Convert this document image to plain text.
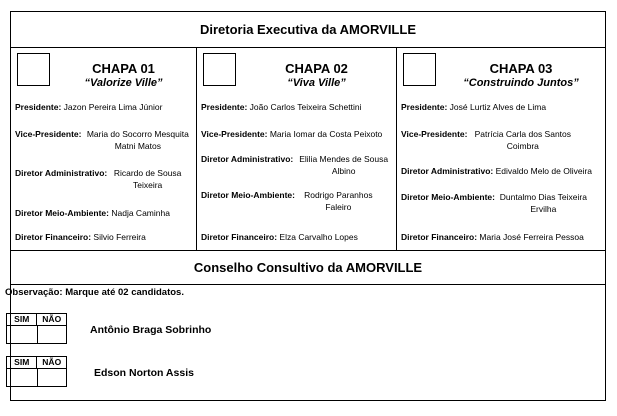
Diretoria Executiva da AMORVILLE
CHAPA 01
“Valorize Ville”
Presidente: Jazon Pereira Lima Júnior
Vice-Presidente: Maria do Socorro Mesquita Matni Matos
Diretor Administrativo: Ricardo de Sousa Teixeira
Diretor Meio-Ambiente: Nadja Caminha
Diretor Financeiro: Silvio Ferreira
CHAPA 02
“Viva Ville”
Presidente: João Carlos Teixeira Schettini
Vice-Presidente: Maria Iomar da Costa Peixoto
Diretor Administrativo: Elilia Mendes de Sousa Albino
Diretor Meio-Ambiente: Rodrigo Paranhos Faleiro
Diretor Financeiro: Elza Carvalho Lopes
CHAPA 03
“Construindo Juntos”
Presidente: José Lurtiz Alves de Lima
Vice-Presidente: Patrícia Carla dos Santos Coimbra
Diretor Administrativo: Edivaldo Melo de Oliveira
Diretor Meio-Ambiente: Duntalmo Dias Teixeira Ervilha
Diretor Financeiro: Maria José Ferreira Pessoa
Conselho Consultivo da AMORVILLE
Observação: Marque até 02 candidatos.
SIM	NÃO
Antônio Braga Sobrinho
SIM	NÃO
Edson Norton Assis
